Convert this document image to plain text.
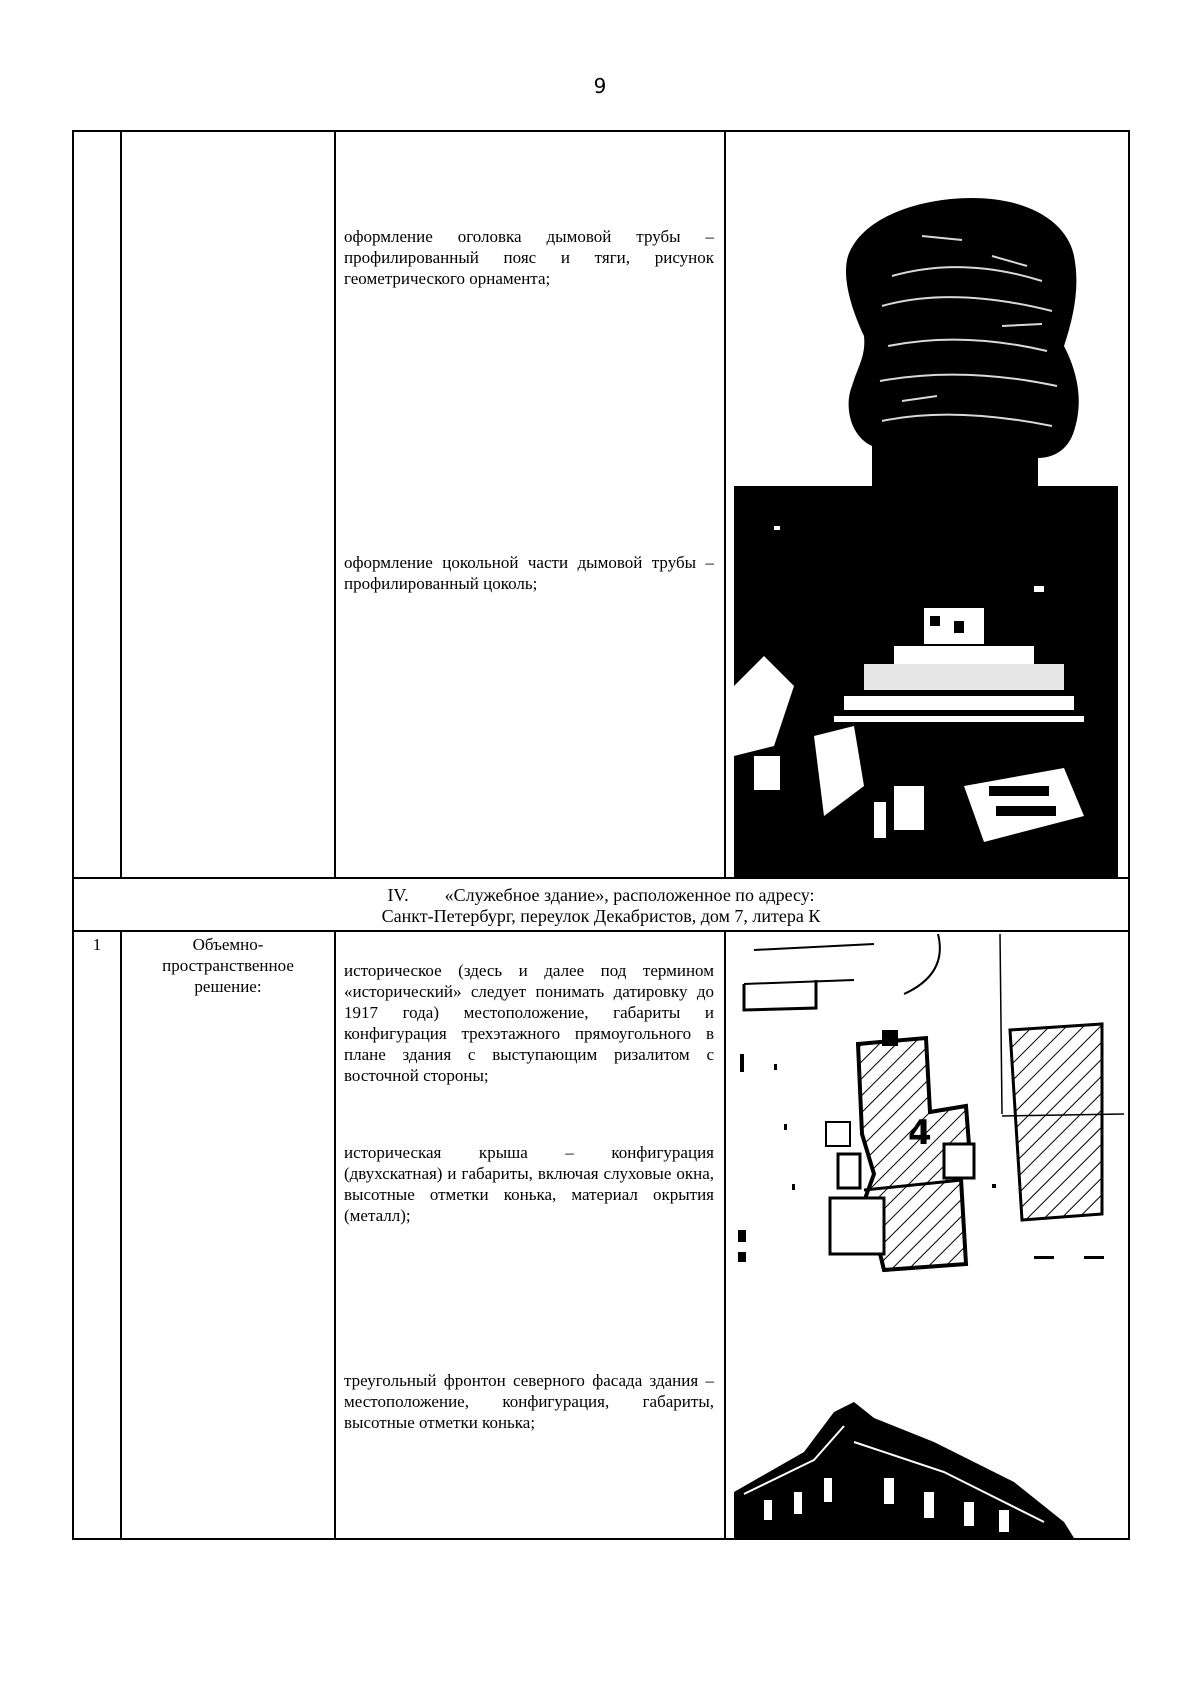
9
оформление оголовка дымовой трубы – профилированный пояс и тяги, рисунок геометрического орнамента;
оформление цокольной части дымовой трубы –профилированный цоколь;
IV.        «Служебное здание», расположенное по адресу:
Санкт-Петербург, переулок Декабристов, дом 7, литера К
1	Объемно-пространственное решение:
историческое (здесь и далее под термином «исторический» следует понимать датировку до 1917 года) местоположение, габариты и конфигурация трехэтажного прямоугольного в плане здания с выступающим ризалитом с восточной стороны;
историческая крыша – конфигурация (двухскатная) и габариты, включая слуховые окна, высотные отметки конька, материал окрытия (металл);
треугольный фронтон северного фасада здания – местоположение, конфигурация, габариты, высотные отметки конька;
4
